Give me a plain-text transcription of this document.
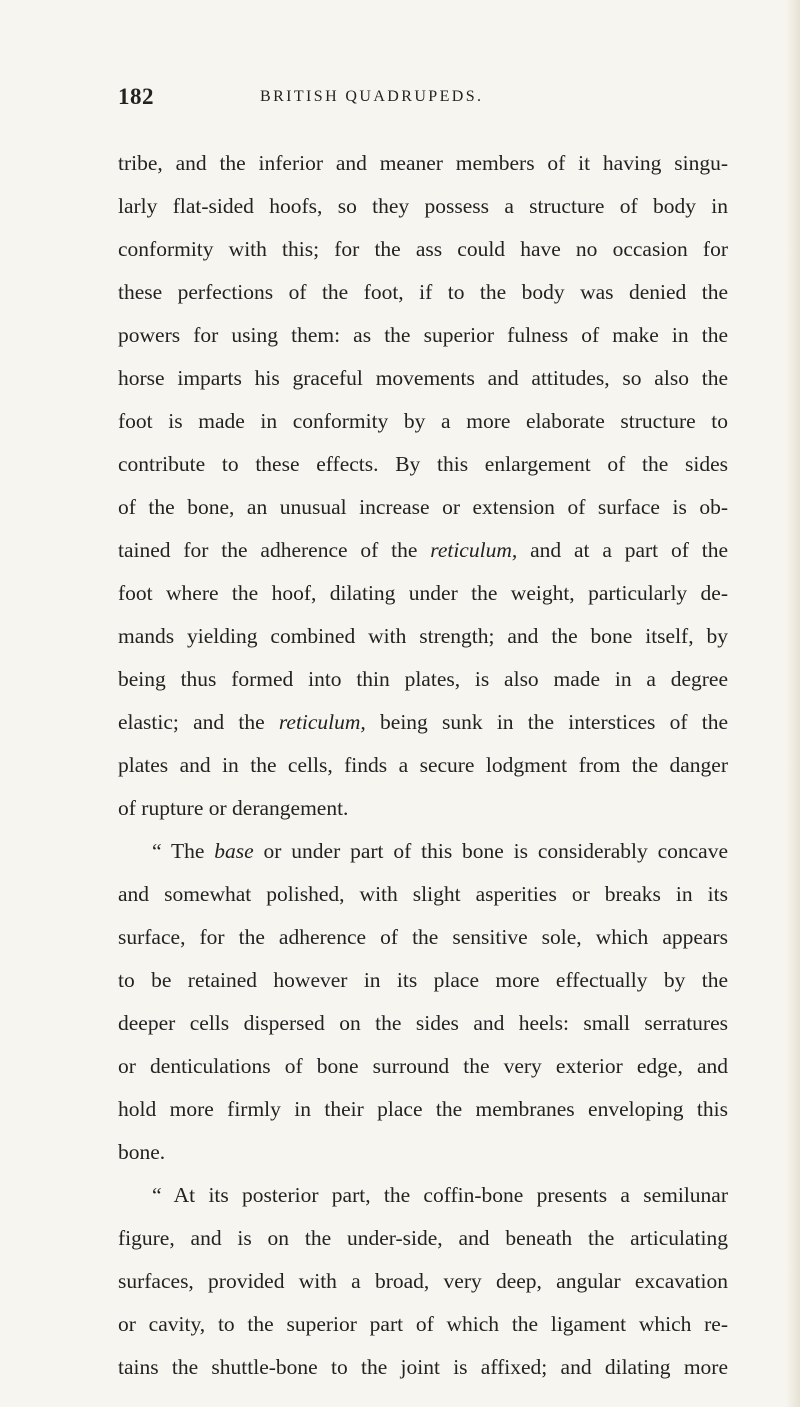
182	BRITISH QUADRUPEDS.
tribe, and the inferior and meaner members of it having singu-
larly flat-sided hoofs, so they possess a structure of body in
conformity with this; for the ass could have no occasion for
these perfections of the foot, if to the body was denied the
powers for using them: as the superior fulness of make in the
horse imparts his graceful movements and attitudes, so also the
foot is made in conformity by a more elaborate structure to
contribute to these effects. By this enlargement of the sides
of the bone, an unusual increase or extension of surface is ob-
tained for the adherence of the reticulum, and at a part of the
foot where the hoof, dilating under the weight, particularly de-
mands yielding combined with strength; and the bone itself, by
being thus formed into thin plates, is also made in a degree
elastic; and the reticulum, being sunk in the interstices of the
plates and in the cells, finds a secure lodgment from the danger
of rupture or derangement.
“ The base or under part of this bone is considerably concave
and somewhat polished, with slight asperities or breaks in its
surface, for the adherence of the sensitive sole, which appears
to be retained however in its place more effectually by the
deeper cells dispersed on the sides and heels: small serratures
or denticulations of bone surround the very exterior edge, and
hold more firmly in their place the membranes enveloping this
bone.
“ At its posterior part, the coffin-bone presents a semilunar
figure, and is on the under-side, and beneath the articulating
surfaces, provided with a broad, very deep, angular excavation
or cavity, to the superior part of which the ligament which re-
tains the shuttle-bone to the joint is affixed; and dilating more
